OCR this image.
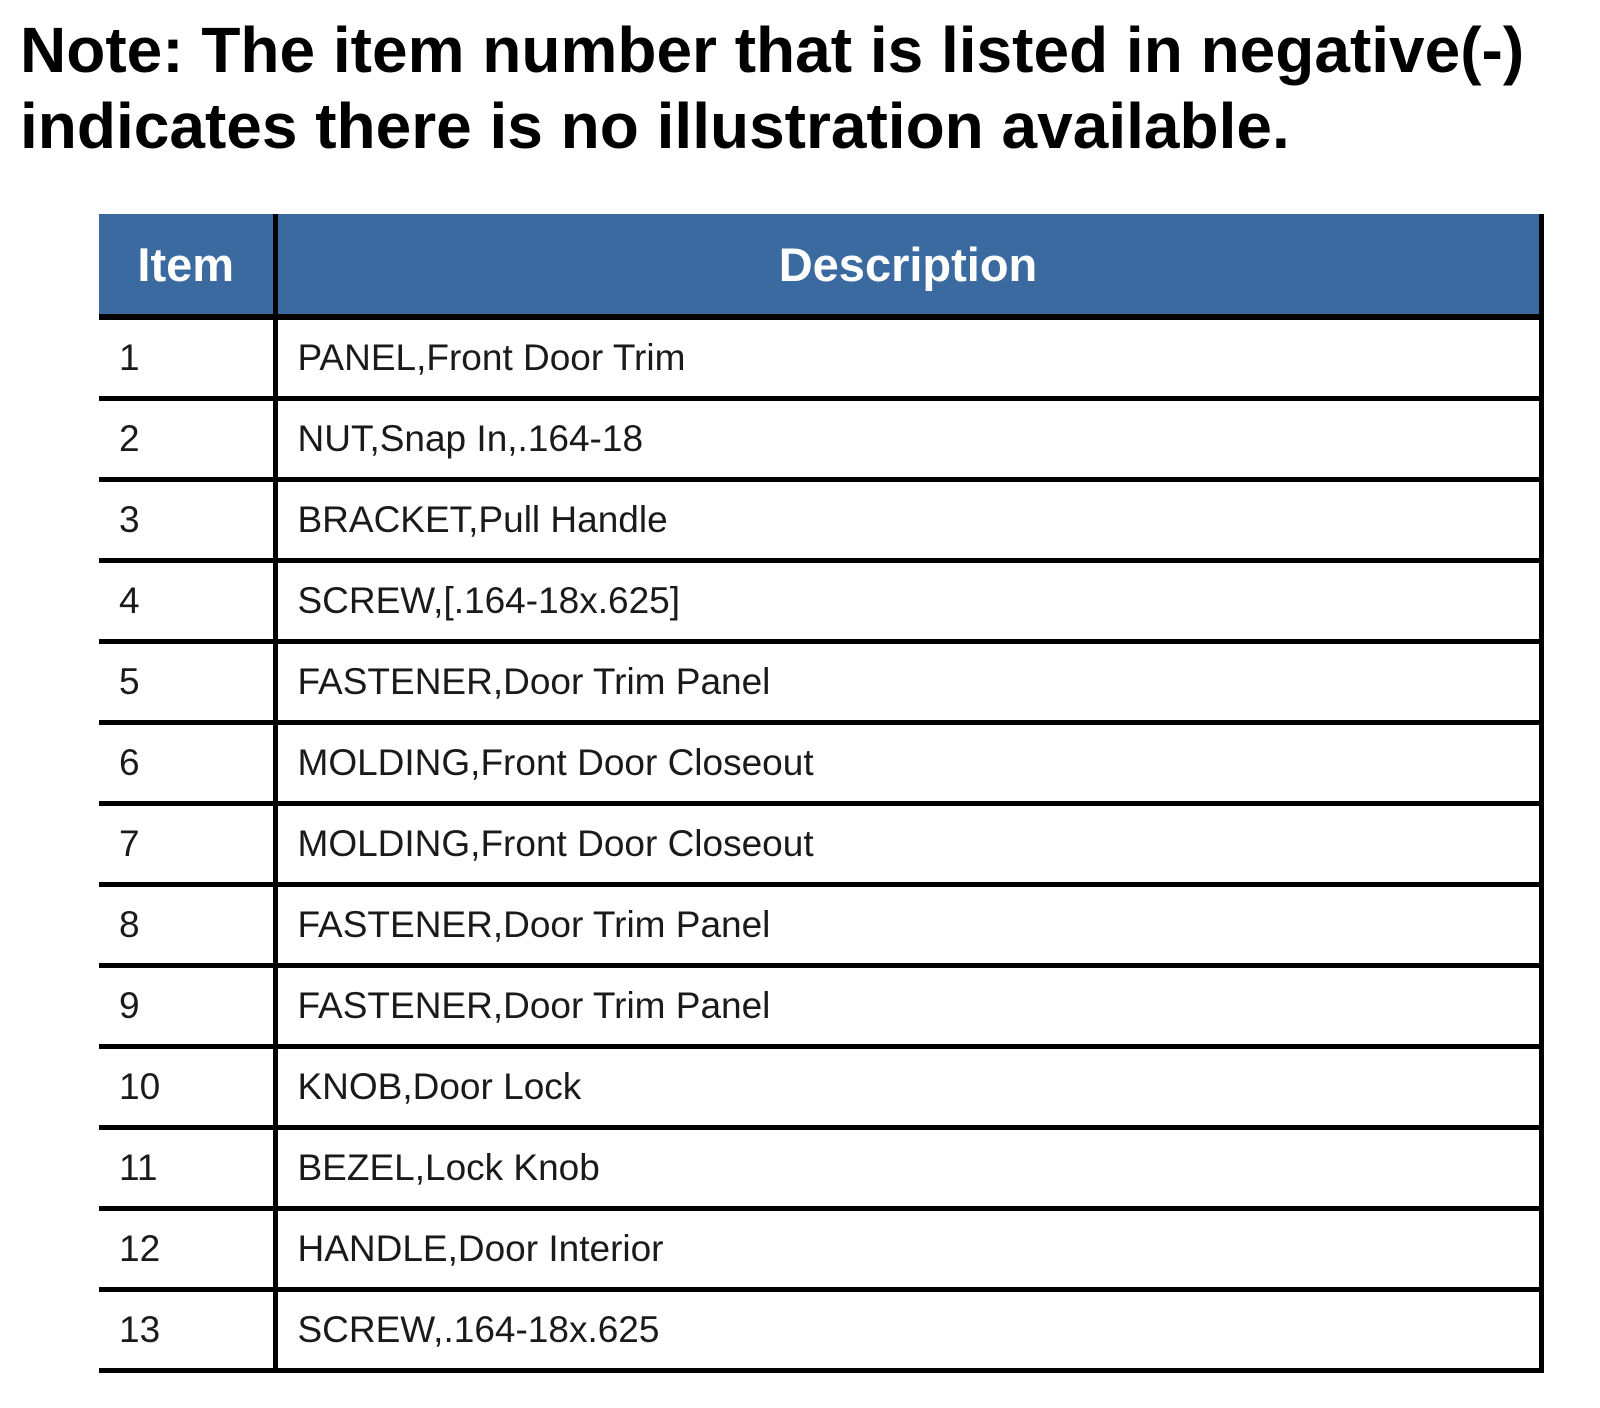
Note: The item number that is listed in negative(-)
indicates there is no illustration available.
Item	Description
1	PANEL,Front Door Trim
2	NUT,Snap In,.164-18
3	BRACKET,Pull Handle
4	SCREW,[.164-18x.625]
5	FASTENER,Door Trim Panel
6	MOLDING,Front Door Closeout
7	MOLDING,Front Door Closeout
8	FASTENER,Door Trim Panel
9	FASTENER,Door Trim Panel
10	KNOB,Door Lock
11	BEZEL,Lock Knob
12	HANDLE,Door Interior
13	SCREW,.164-18x.625
